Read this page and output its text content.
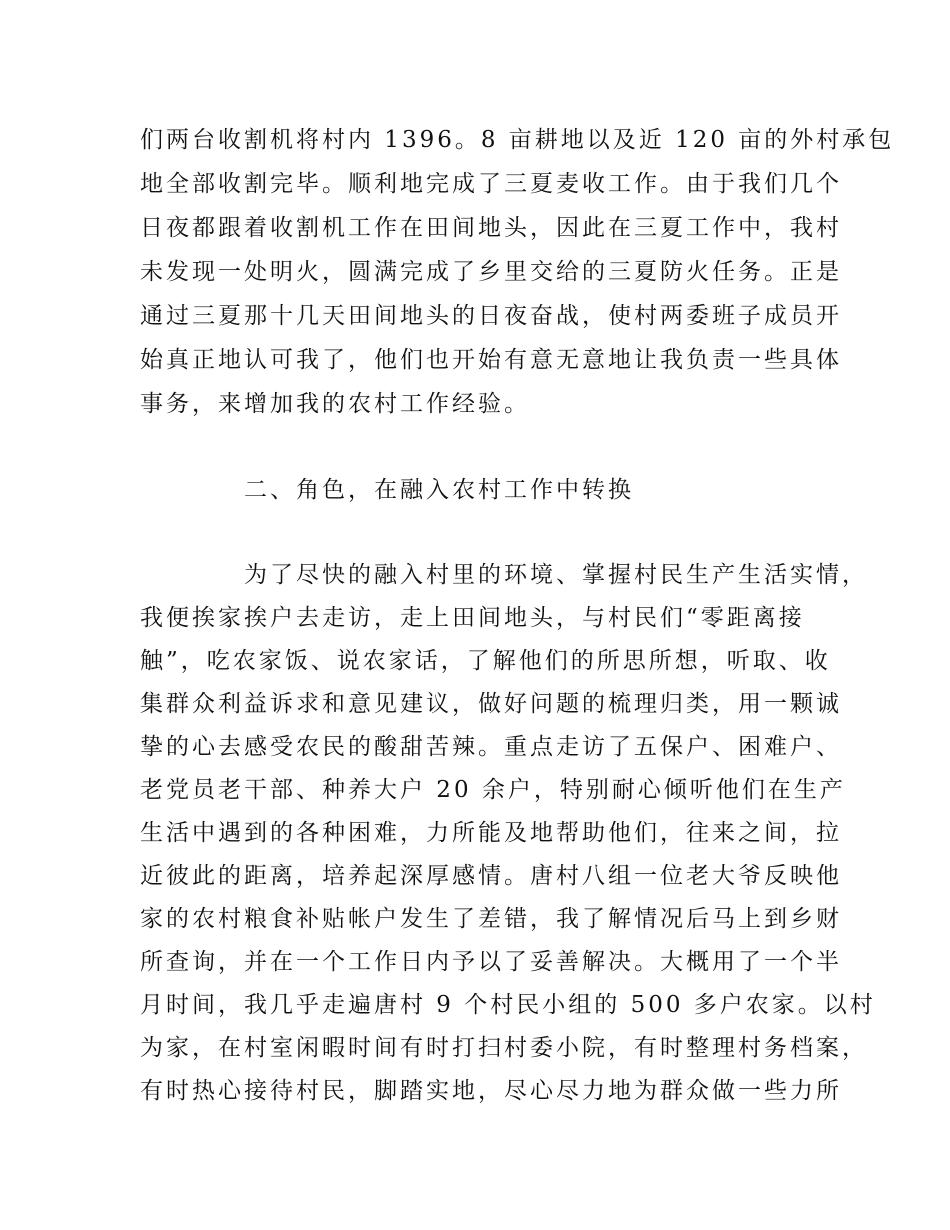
们两台收割机将村内 1396。8 亩耕地以及近 120 亩的外村承包
地全部收割完毕。顺利地完成了三夏麦收工作。由于我们几个
日夜都跟着收割机工作在田间地头，因此在三夏工作中，我村
未发现一处明火，圆满完成了乡里交给的三夏防火任务。正是
通过三夏那十几天田间地头的日夜奋战，使村两委班子成员开
始真正地认可我了，他们也开始有意无意地让我负责一些具体
事务，来增加我的农村工作经验。
二、角色，在融入农村工作中转换
为了尽快的融入村里的环境、掌握村民生产生活实情，
我便挨家挨户去走访，走上田间地头，与村民们“零距离接
触”，吃农家饭、说农家话，了解他们的所思所想，听取、收
集群众利益诉求和意见建议，做好问题的梳理归类，用一颗诚
挚的心去感受农民的酸甜苦辣。重点走访了五保户、困难户、
老党员老干部、种养大户 20 余户，特别耐心倾听他们在生产
生活中遇到的各种困难，力所能及地帮助他们，往来之间，拉
近彼此的距离，培养起深厚感情。唐村八组一位老大爷反映他
家的农村粮食补贴帐户发生了差错，我了解情况后马上到乡财
所查询，并在一个工作日内予以了妥善解决。大概用了一个半
月时间，我几乎走遍唐村 9 个村民小组的 500 多户农家。以村
为家，在村室闲暇时间有时打扫村委小院，有时整理村务档案，
有时热心接待村民，脚踏实地，尽心尽力地为群众做一些力所
